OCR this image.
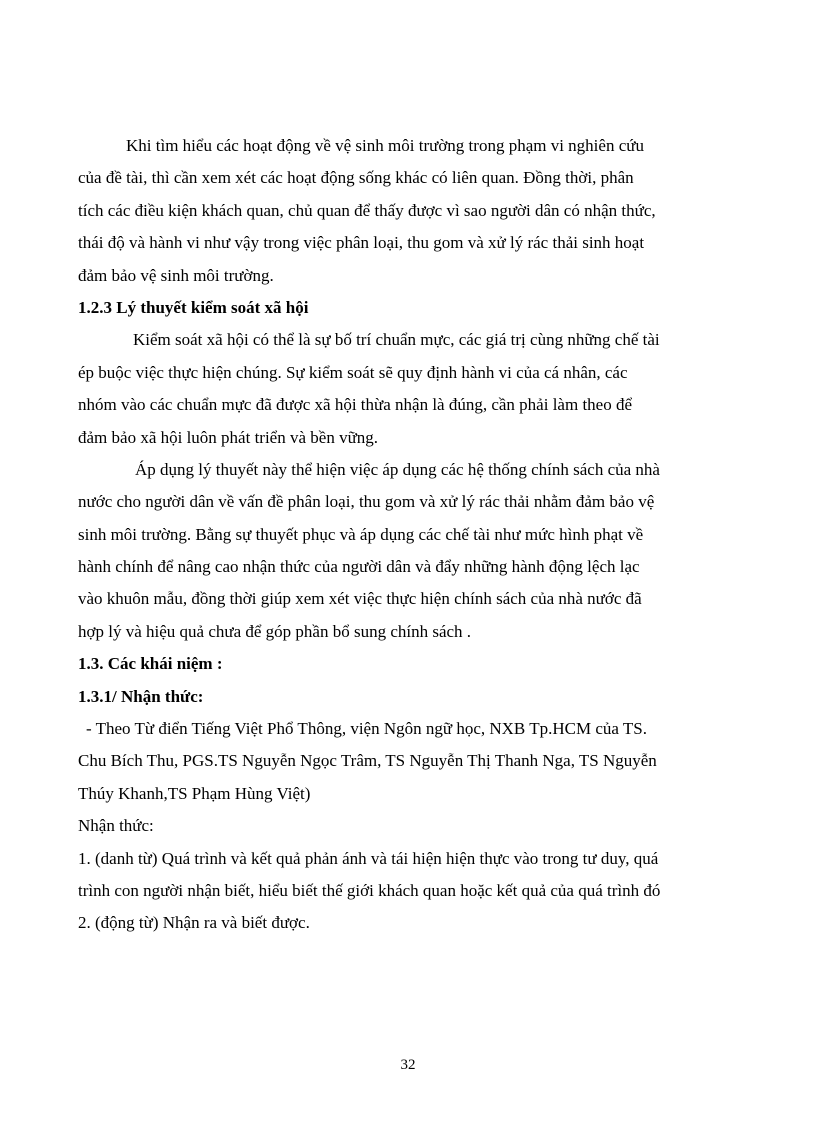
Khi tìm hiểu các hoạt động về vệ sinh môi trường trong phạm vi nghiên cứu
của đề tài, thì cần xem xét các hoạt động sống khác có liên quan. Đồng thời, phân
tích các điều kiện khách quan, chủ quan để thấy được vì sao người dân có nhận thức,
thái độ và hành vi như vậy trong việc phân loại, thu gom và xử lý rác thải sinh hoạt
đảm bảo vệ sinh môi trường.
1.2.3 Lý thuyết kiểm soát xã hội
Kiểm soát xã hội có thể là sự bố trí chuẩn mực, các giá trị cùng những chế tài
ép buộc việc thực hiện chúng. Sự kiểm soát sẽ quy định hành vi của cá nhân, các
nhóm vào các chuẩn mực đã được xã hội thừa nhận là đúng, cần phải làm theo để
đảm bảo xã hội luôn phát triển và bền vững.
Áp dụng lý thuyết này thể hiện việc áp dụng các hệ thống chính sách của nhà
nước cho người dân về vấn đề phân loại, thu gom và xử lý rác thải nhằm đảm bảo vệ
sinh môi trường. Bằng sự thuyết phục và áp dụng các chế tài như mức hình phạt về
hành chính để nâng cao nhận thức của người dân và đẩy những hành động lệch lạc
vào khuôn mẫu, đồng thời giúp xem xét việc thực hiện chính sách của nhà nước đã
hợp lý và hiệu quả chưa để góp phần bổ sung chính sách .
1.3. Các khái niệm :
1.3.1/ Nhận thức:
- Theo Từ điển Tiếng Việt Phổ Thông, viện Ngôn ngữ học, NXB Tp.HCM của TS.
Chu Bích Thu, PGS.TS Nguyễn Ngọc Trâm, TS Nguyễn Thị Thanh Nga, TS Nguyễn
Thúy Khanh,TS Phạm Hùng Việt)
Nhận thức:
1. (danh từ) Quá trình và kết quả phản ánh và tái hiện hiện thực vào trong tư duy, quá
trình con người nhận biết, hiểu biết thế giới khách quan hoặc kết quả của quá trình đó
2. (động từ) Nhận ra và biết được.
32
